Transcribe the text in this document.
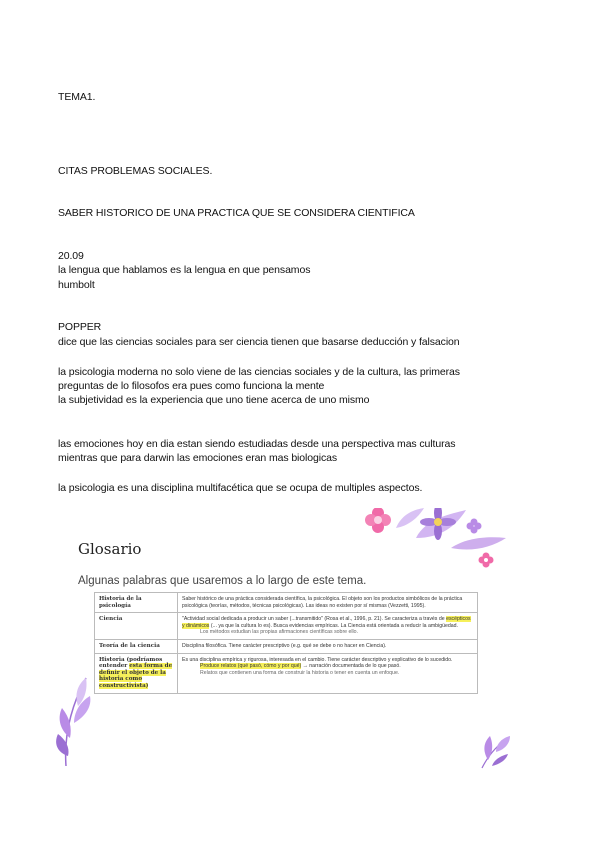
TEMA1.
CITAS PROBLEMAS SOCIALES.
SABER HISTORICO DE UNA PRACTICA QUE SE CONSIDERA CIENTIFICA
20.09
la lengua que hablamos es la lengua en que pensamos
humbolt
POPPER
dice que las ciencias sociales para ser ciencia tienen que basarse deducción y falsacion
la psicologia moderna no solo viene de las ciencias sociales y de la cultura, las primeras
preguntas de lo filosofos era pues como funciona la mente
la subjetividad es la experiencia que uno tiene acerca de uno mismo
las emociones hoy en dia estan siendo estudiadas desde una perspectiva mas culturas
mientras que para darwin las emociones eran mas biologicas
la psicologia es una disciplina multifacética que se ocupa de multiples aspectos.
Glosario
Algunas palabras que usaremos a lo largo de este tema.
Historia de la psicología	Saber histórico de una práctica considerada científica, la psicológica. El objeto son los productos simbólicos de la práctica psicológica (teorías, métodos, técnicas psicológicas). Las ideas no existen por sí mismas (Vezzetti, 1995).
Ciencia	"Actividad social dedicada a producir un saber (...transmitido" (Rosa et al., 1996, p. 21). Se caracteriza a través de escépticos y dinámicos (... ya que la cultura lo es). Busca evidencias empíricas. La Ciencia está orientada a reducir la ambigüedad.
Los métodos estudian las propias afirmaciones científicas sobre ello.

Teoría de la ciencia	Disciplina filosófica. Tiene carácter prescriptivo (e.g. qué se debe o no hacer en Ciencia).
Historia (podríamos entender esta forma de definir el objeto de la historia como constructivista)	Es una disciplina empírica y rigurosa, interesada en el cambio. Tiene carácter descriptivo y explicativo de lo sucedido.
Produce relatos (qué pasó, cómo y por qué) → narración documentada de lo que pasó.
Relatos que contienen una forma de construir la historia o tener en cuenta un enfoque.
